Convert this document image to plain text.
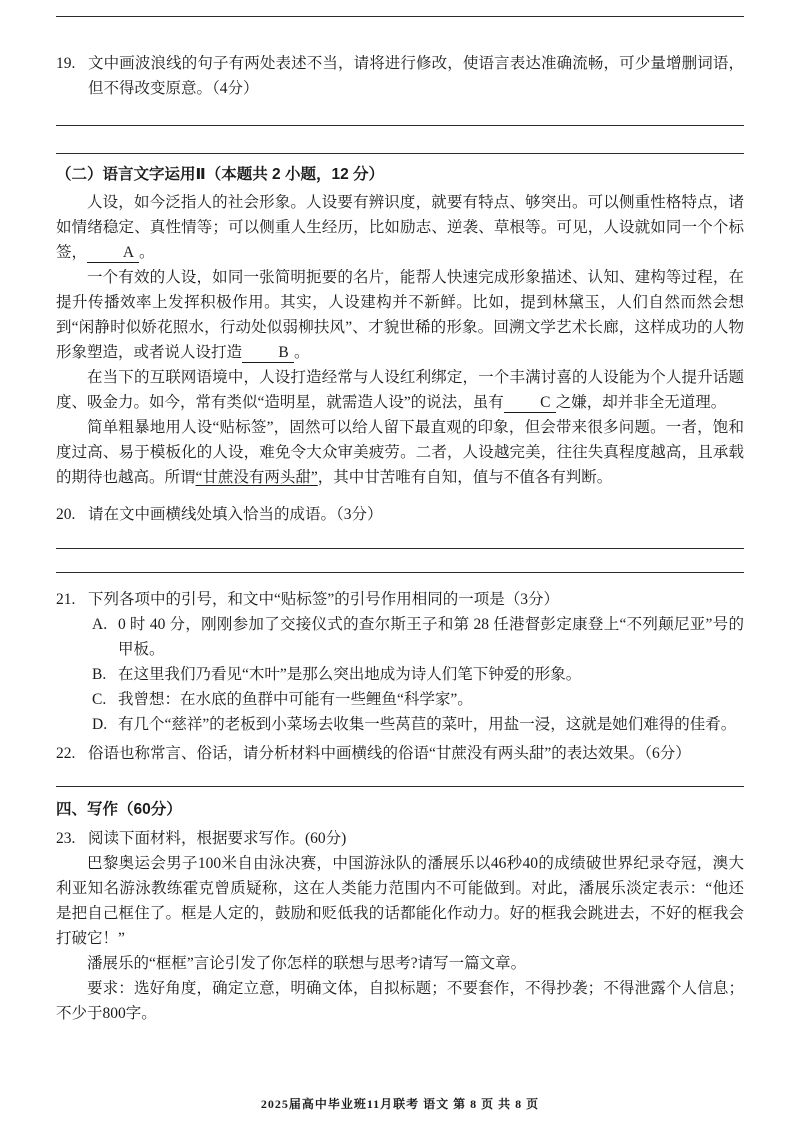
19. 文中画波浪线的句子有两处表述不当，请将进行修改，使语言表达准确流畅，可少量增删词语，但不得改变原意。（4分）
（二）语言文字运用Ⅱ（本题共 2 小题，12 分）

人设，如今泛指人的社会形象。人设要有辨识度，就要有特点、够突出。可以侧重性格特点，诸如情绪稳定、真性情等；可以侧重人生经历，比如励志、逆袭、草根等。可见，人设就如同一个个标签， A 。

一个有效的人设，如同一张简明扼要的名片，能帮人快速完成形象描述、认知、建构等过程，在提升传播效率上发挥积极作用。其实，人设建构并不新鲜。比如，提到林黛玉，人们自然而然会想到“闲静时似娇花照水，行动处似弱柳扶风”、才貌世稀的形象。回溯文学艺术长廊，这样成功的人物形象塑造，或者说人设打造 B 。

在当下的互联网语境中，人设打造经常与人设红利绑定，一个丰满讨喜的人设能为个人提升话题度、吸金力。如今，常有类似“造明星，就需造人设”的说法，虽有 C 之嫌，却并非全无道理。

简单粗暴地用人设“贴标签”，固然可以给人留下最直观的印象，但会带来很多问题。一者，饱和度过高、易于模板化的人设，难免令大众审美疲劳。二者，人设越完美，往往失真程度越高，且承载的期待也越高。所谓“甘蔗没有两头甜”，其中甘苦唯有自知，值与不值各有判断。

20. 请在文中画横线处填入恰当的成语。（3分）
21. 下列各项中的引号，和文中“贴标签”的引号作用相同的一项是（3分）
A. 0 时 40 分，刚刚参加了交接仪式的查尔斯王子和第 28 任港督彭定康登上“不列颠尼亚”号的甲板。
B. 在这里我们乃看见“木叶”是那么突出地成为诗人们笔下钟爱的形象。
C. 我曾想：在水底的鱼群中可能有一些鲤鱼“科学家”。
D. 有几个“慈祥”的老板到小菜场去收集一些莴苣的菜叶，用盐一浸，这就是她们难得的佳肴。
22. 俗语也称常言、俗话，请分析材料中画横线的俗语“甘蔗没有两头甜”的表达效果。（6分）
四、写作（60分）
23. 阅读下面材料，根据要求写作。(60分)

巴黎奥运会男子100米自由泳决赛，中国游泳队的潘展乐以46秒40的成绩破世界纪录夺冠，澳大利亚知名游泳教练霍克曾质疑称，这在人类能力范围内不可能做到。对此，潘展乐淡定表示：“他还是把自己框住了。框是人定的，鼓励和贬低我的话都能化作动力。好的框我会跳进去，不好的框我会打破它！”

潘展乐的“框框”言论引发了你怎样的联想与思考?请写一篇文章。

要求：选好角度，确定立意，明确文体，自拟标题；不要套作，不得抄袭；不得泄露个人信息；不少于800字。

2025届高中毕业班11月联考 语文 第 8 页 共 8 页
